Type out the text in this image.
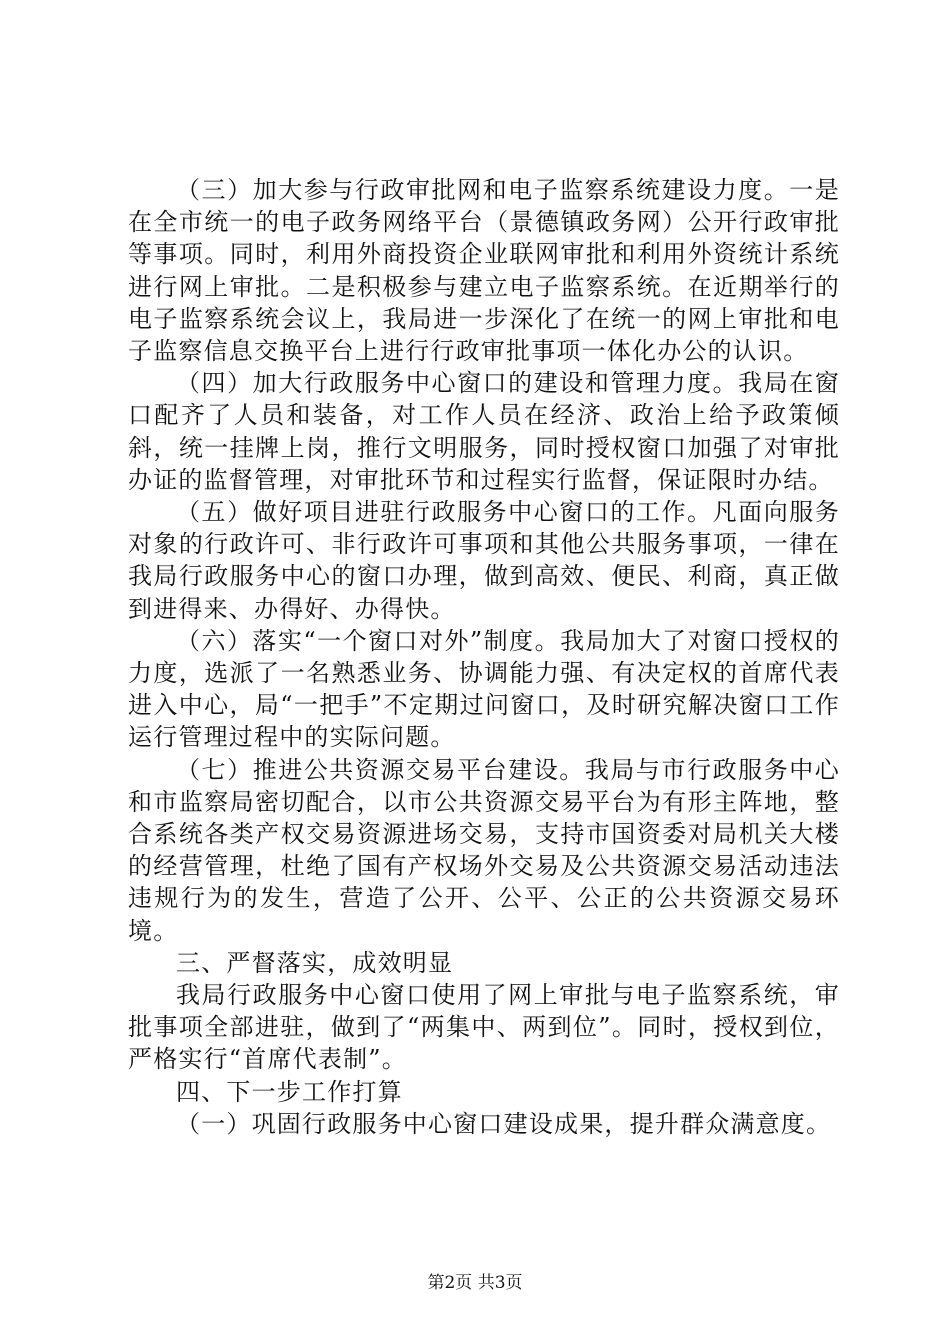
（三）加大参与行政审批网和电子监察系统建设力度。一是在全市统一的电子政务网络平台（景德镇政务网）公开行政审批等事项。同时，利用外商投资企业联网审批和利用外资统计系统进行网上审批。二是积极参与建立电子监察系统。在近期举行的电子监察系统会议上，我局进一步深化了在统一的网上审批和电子监察信息交换平台上进行行政审批事项一体化办公的认识。

（四）加大行政服务中心窗口的建设和管理力度。我局在窗口配齐了人员和装备，对工作人员在经济、政治上给予政策倾斜，统一挂牌上岗，推行文明服务，同时授权窗口加强了对审批办证的监督管理，对审批环节和过程实行监督，保证限时办结。

（五）做好项目进驻行政服务中心窗口的工作。凡面向服务对象的行政许可、非行政许可事项和其他公共服务事项，一律在我局行政服务中心的窗口办理，做到高效、便民、利商，真正做到进得来、办得好、办得快。

（六）落实“一个窗口对外”制度。我局加大了对窗口授权的力度，选派了一名熟悉业务、协调能力强、有决定权的首席代表进入中心，局“一把手”不定期过问窗口，及时研究解决窗口工作运行管理过程中的实际问题。

（七）推进公共资源交易平台建设。我局与市行政服务中心和市监察局密切配合，以市公共资源交易平台为有形主阵地，整合系统各类产权交易资源进场交易，支持市国资委对局机关大楼的经营管理，杜绝了国有产权场外交易及公共资源交易活动违法违规行为的发生，营造了公开、公平、公正的公共资源交易环境。

三、严督落实，成效明显

我局行政服务中心窗口使用了网上审批与电子监察系统，审批事项全部进驻，做到了“两集中、两到位”。同时，授权到位，严格实行“首席代表制”。

四、下一步工作打算

（一）巩固行政服务中心窗口建设成果，提升群众满意度。

第2页 共3页
